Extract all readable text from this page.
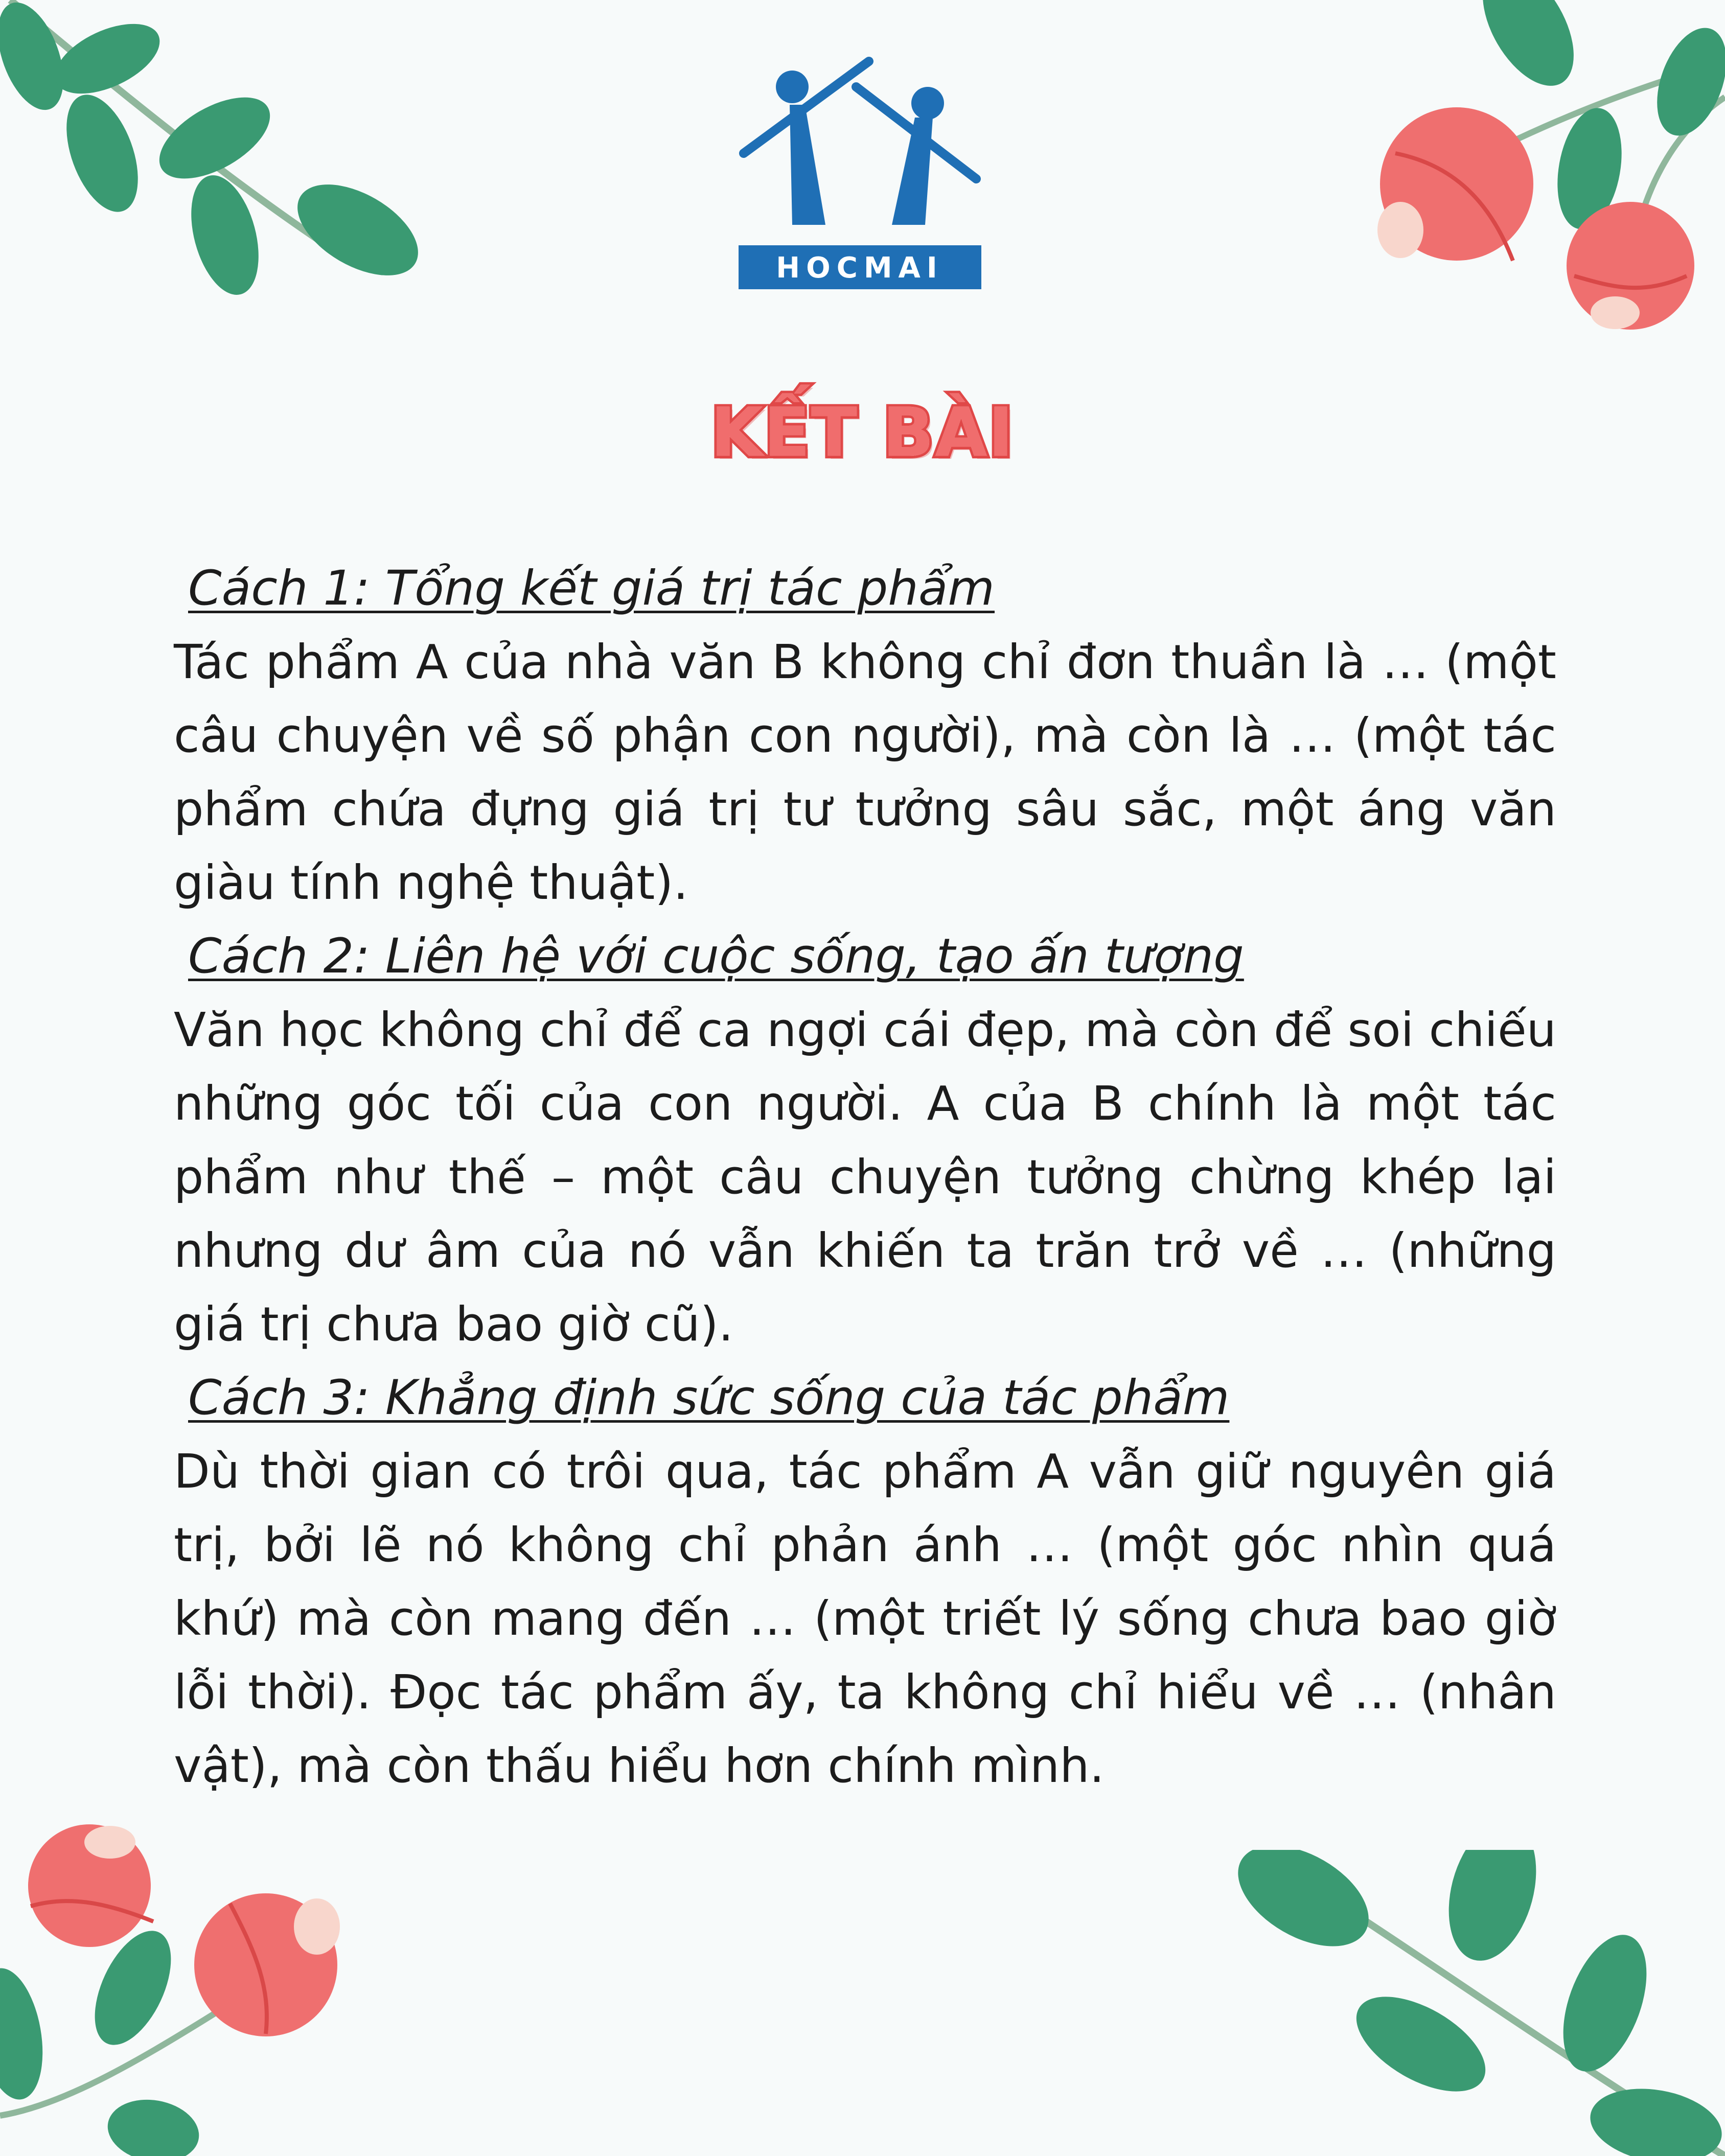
HOCMAI
KẾT BÀI
Cách 1: Tổng kết giá trị tác phẩm

Tác phẩm A của nhà văn B không chỉ đơn thuần là … (một câu chuyện về số phận con người), mà còn là … (một tác phẩm chứa đựng giá trị tư tưởng sâu sắc, một áng văn giàu tính nghệ thuật).

Cách 2: Liên hệ với cuộc sống, tạo ấn tượng

Văn học không chỉ để ca ngợi cái đẹp, mà còn để soi chiếu những góc tối của con người. A của B chính là một tác phẩm như thế – một câu chuyện tưởng chừng khép lại nhưng dư âm của nó vẫn khiến ta trăn trở về … (những giá trị chưa bao giờ cũ).

Cách 3: Khẳng định sức sống của tác phẩm

Dù thời gian có trôi qua, tác phẩm A vẫn giữ nguyên giá trị, bởi lẽ nó không chỉ phản ánh … (một góc nhìn quá khứ) mà còn mang đến … (một triết lý sống chưa bao giờ lỗi thời). Đọc tác phẩm ấy, ta không chỉ hiểu về … (nhân vật), mà còn thấu hiểu hơn chính mình.
